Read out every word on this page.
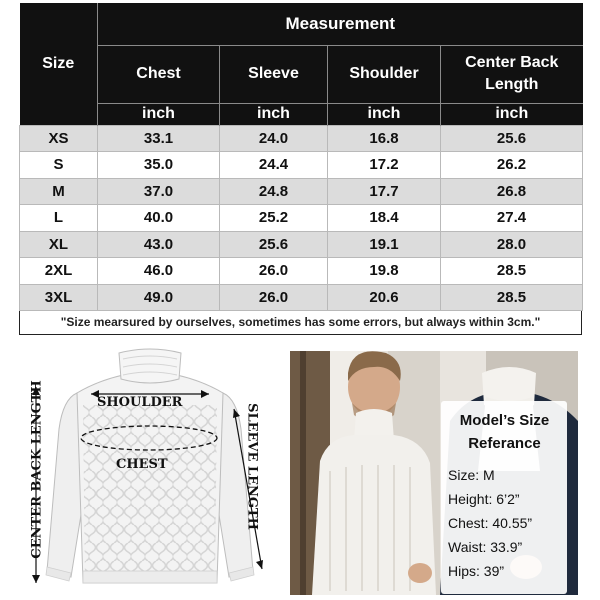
Size	Measurement			

	Chest	Sleeve	Shoulder	Center Back
Length

	inch	inch	inch	inch
XS	33.1	24.0	16.8	25.6
S	35.0	24.4	17.2	26.2
M	37.0	24.8	17.7	26.8
L	40.0	25.2	18.4	27.4
XL	43.0	25.6	19.1	28.0
2XL	46.0	26.0	19.8	28.5
3XL	49.0	26.0	20.6	28.5
"Size mearsured by ourselves, sometimes has some errors, but always within 3cm."
SHOULDER
CHEST
CENTER BACK LENGTH	SLEEVE LENGTH	Model’s Size
Referance
Size: M
Height: 6’2”
Chest: 40.55”
Waist: 33.9”
Hips: 39”
